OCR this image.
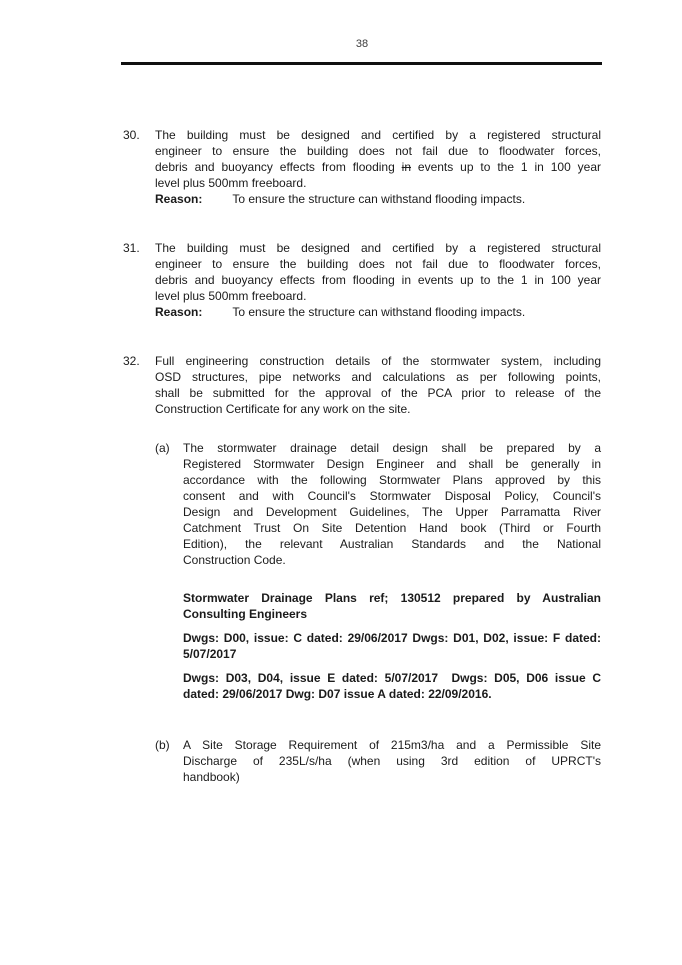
38
30.	The building must be designed and certified by a registered structural
engineer to ensure the building does not fail due to floodwater forces,
debris and buoyancy effects from flooding in events up to the 1 in 100 year
level plus 500mm freeboard.
Reason:	To ensure the structure can withstand flooding impacts.
31.	The building must be designed and certified by a registered structural
engineer to ensure the building does not fail due to floodwater forces,
debris and buoyancy effects from flooding in events up to the 1 in 100 year
level plus 500mm freeboard.
Reason:	To ensure the structure can withstand flooding impacts.
32.	Full engineering construction details of the stormwater system, including
OSD structures, pipe networks and calculations as per following points,
shall be submitted for the approval of the PCA prior to release of the
Construction Certificate for any work on the site.
(a)	The stormwater drainage detail design shall be prepared by a
Registered Stormwater Design Engineer and shall be generally in
accordance with the following Stormwater Plans approved by this
consent and with Council's Stormwater Disposal Policy, Council's
Design and Development Guidelines, The Upper Parramatta River
Catchment Trust On Site Detention Hand book (Third or Fourth
Edition), the relevant Australian Standards and the National
Construction Code.
Stormwater Drainage Plans ref; 130512 prepared by Australian
Consulting Engineers
Dwgs: D00, issue: C dated: 29/06/2017 Dwgs: D01, D02, issue: F dated:
5/07/2017
Dwgs: D03, D04, issue E dated: 5/07/2017  Dwgs: D05, D06 issue C
dated: 29/06/2017 Dwg: D07 issue A dated: 22/09/2016.
(b)	A Site Storage Requirement of 215m3/ha and a Permissible Site
Discharge of 235L/s/ha (when using 3rd edition of UPRCT's
handbook)
